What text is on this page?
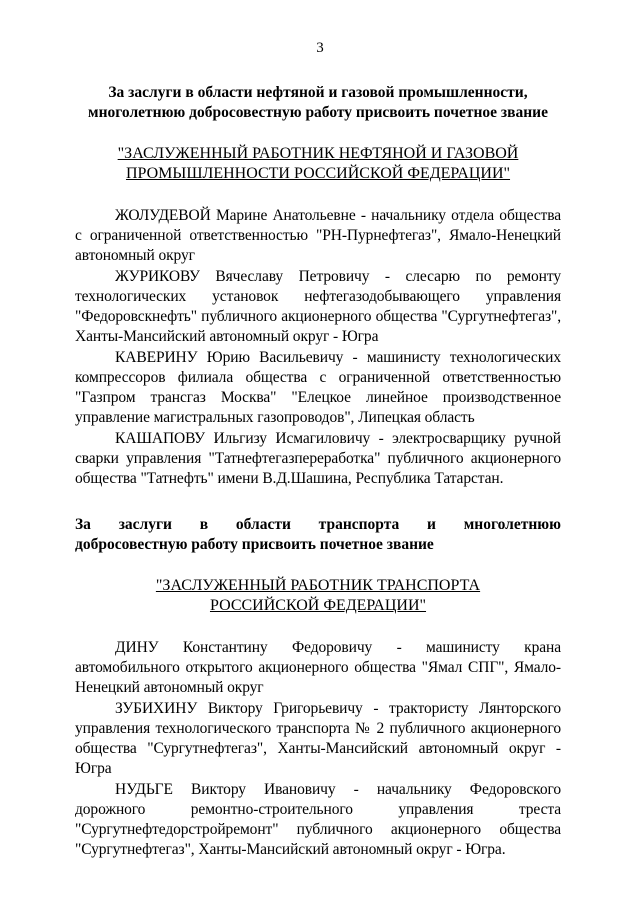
3

За заслуги в области нефтяной и газовой промышленности,
многолетнюю добросовестную работу присвоить почетное звание

"ЗАСЛУЖЕННЫЙ РАБОТНИК НЕФТЯНОЙ И ГАЗОВОЙ
ПРОМЫШЛЕННОСТИ РОССИЙСКОЙ ФЕДЕРАЦИИ"

ЖОЛУДЕВОЙ Марине Анатольевне - начальнику отдела общества с ограниченной ответственностью "РН-Пурнефтегаз", Ямало-Ненецкий автономный округ

ЖУРИКОВУ Вячеславу Петровичу - слесарю по ремонту технологических установок нефтегазодобывающего управления "Федоровскнефть" публичного акционерного общества "Сургутнефтегаз", Ханты-Мансийский автономный округ - Югра

КАВЕРИНУ Юрию Васильевичу - машинисту технологических компрессоров филиала общества с ограниченной ответственностью "Газпром трансгаз Москва" "Елецкое линейное производственное управление магистральных газопроводов", Липецкая область

КАШАПОВУ Ильгизу Исмагиловичу - электросварщику ручной сварки управления "Татнефтегазпереработка" публичного акционерного общества "Татнефть" имени В.Д.Шашина, Республика Татарстан.

За заслуги в области транспорта и многолетнюю
добросовестную работу присвоить почетное звание

"ЗАСЛУЖЕННЫЙ РАБОТНИК ТРАНСПОРТА
РОССИЙСКОЙ ФЕДЕРАЦИИ"

ДИНУ Константину Федоровичу - машинисту крана автомобильного открытого акционерного общества "Ямал СПГ", Ямало-Ненецкий автономный округ

ЗУБИХИНУ Виктору Григорьевичу - трактористу Лянторского управления технологического транспорта № 2 публичного акционерного общества "Сургутнефтегаз", Ханты-Мансийский автономный округ - Югра

НУДЬГЕ Виктору Ивановичу - начальнику Федоровского дорожного ремонтно-строительного управления треста "Сургутнефтедорстройремонт" публичного акционерного общества "Сургутнефтегаз", Ханты-Мансийский автономный округ - Югра.
